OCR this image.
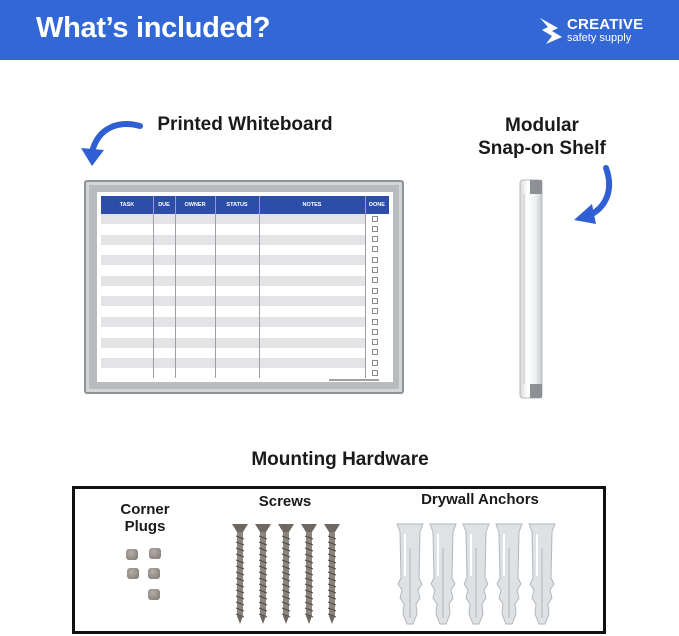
What’s included?	CREATIVE
safety supply
Printed Whiteboard	Modular
Snap-on Shelf
TASK	DUE	OWNER	STATUS	NOTES	DONE
Mounting Hardware
Corner
Plugs
Screws	Drywall Anchors
